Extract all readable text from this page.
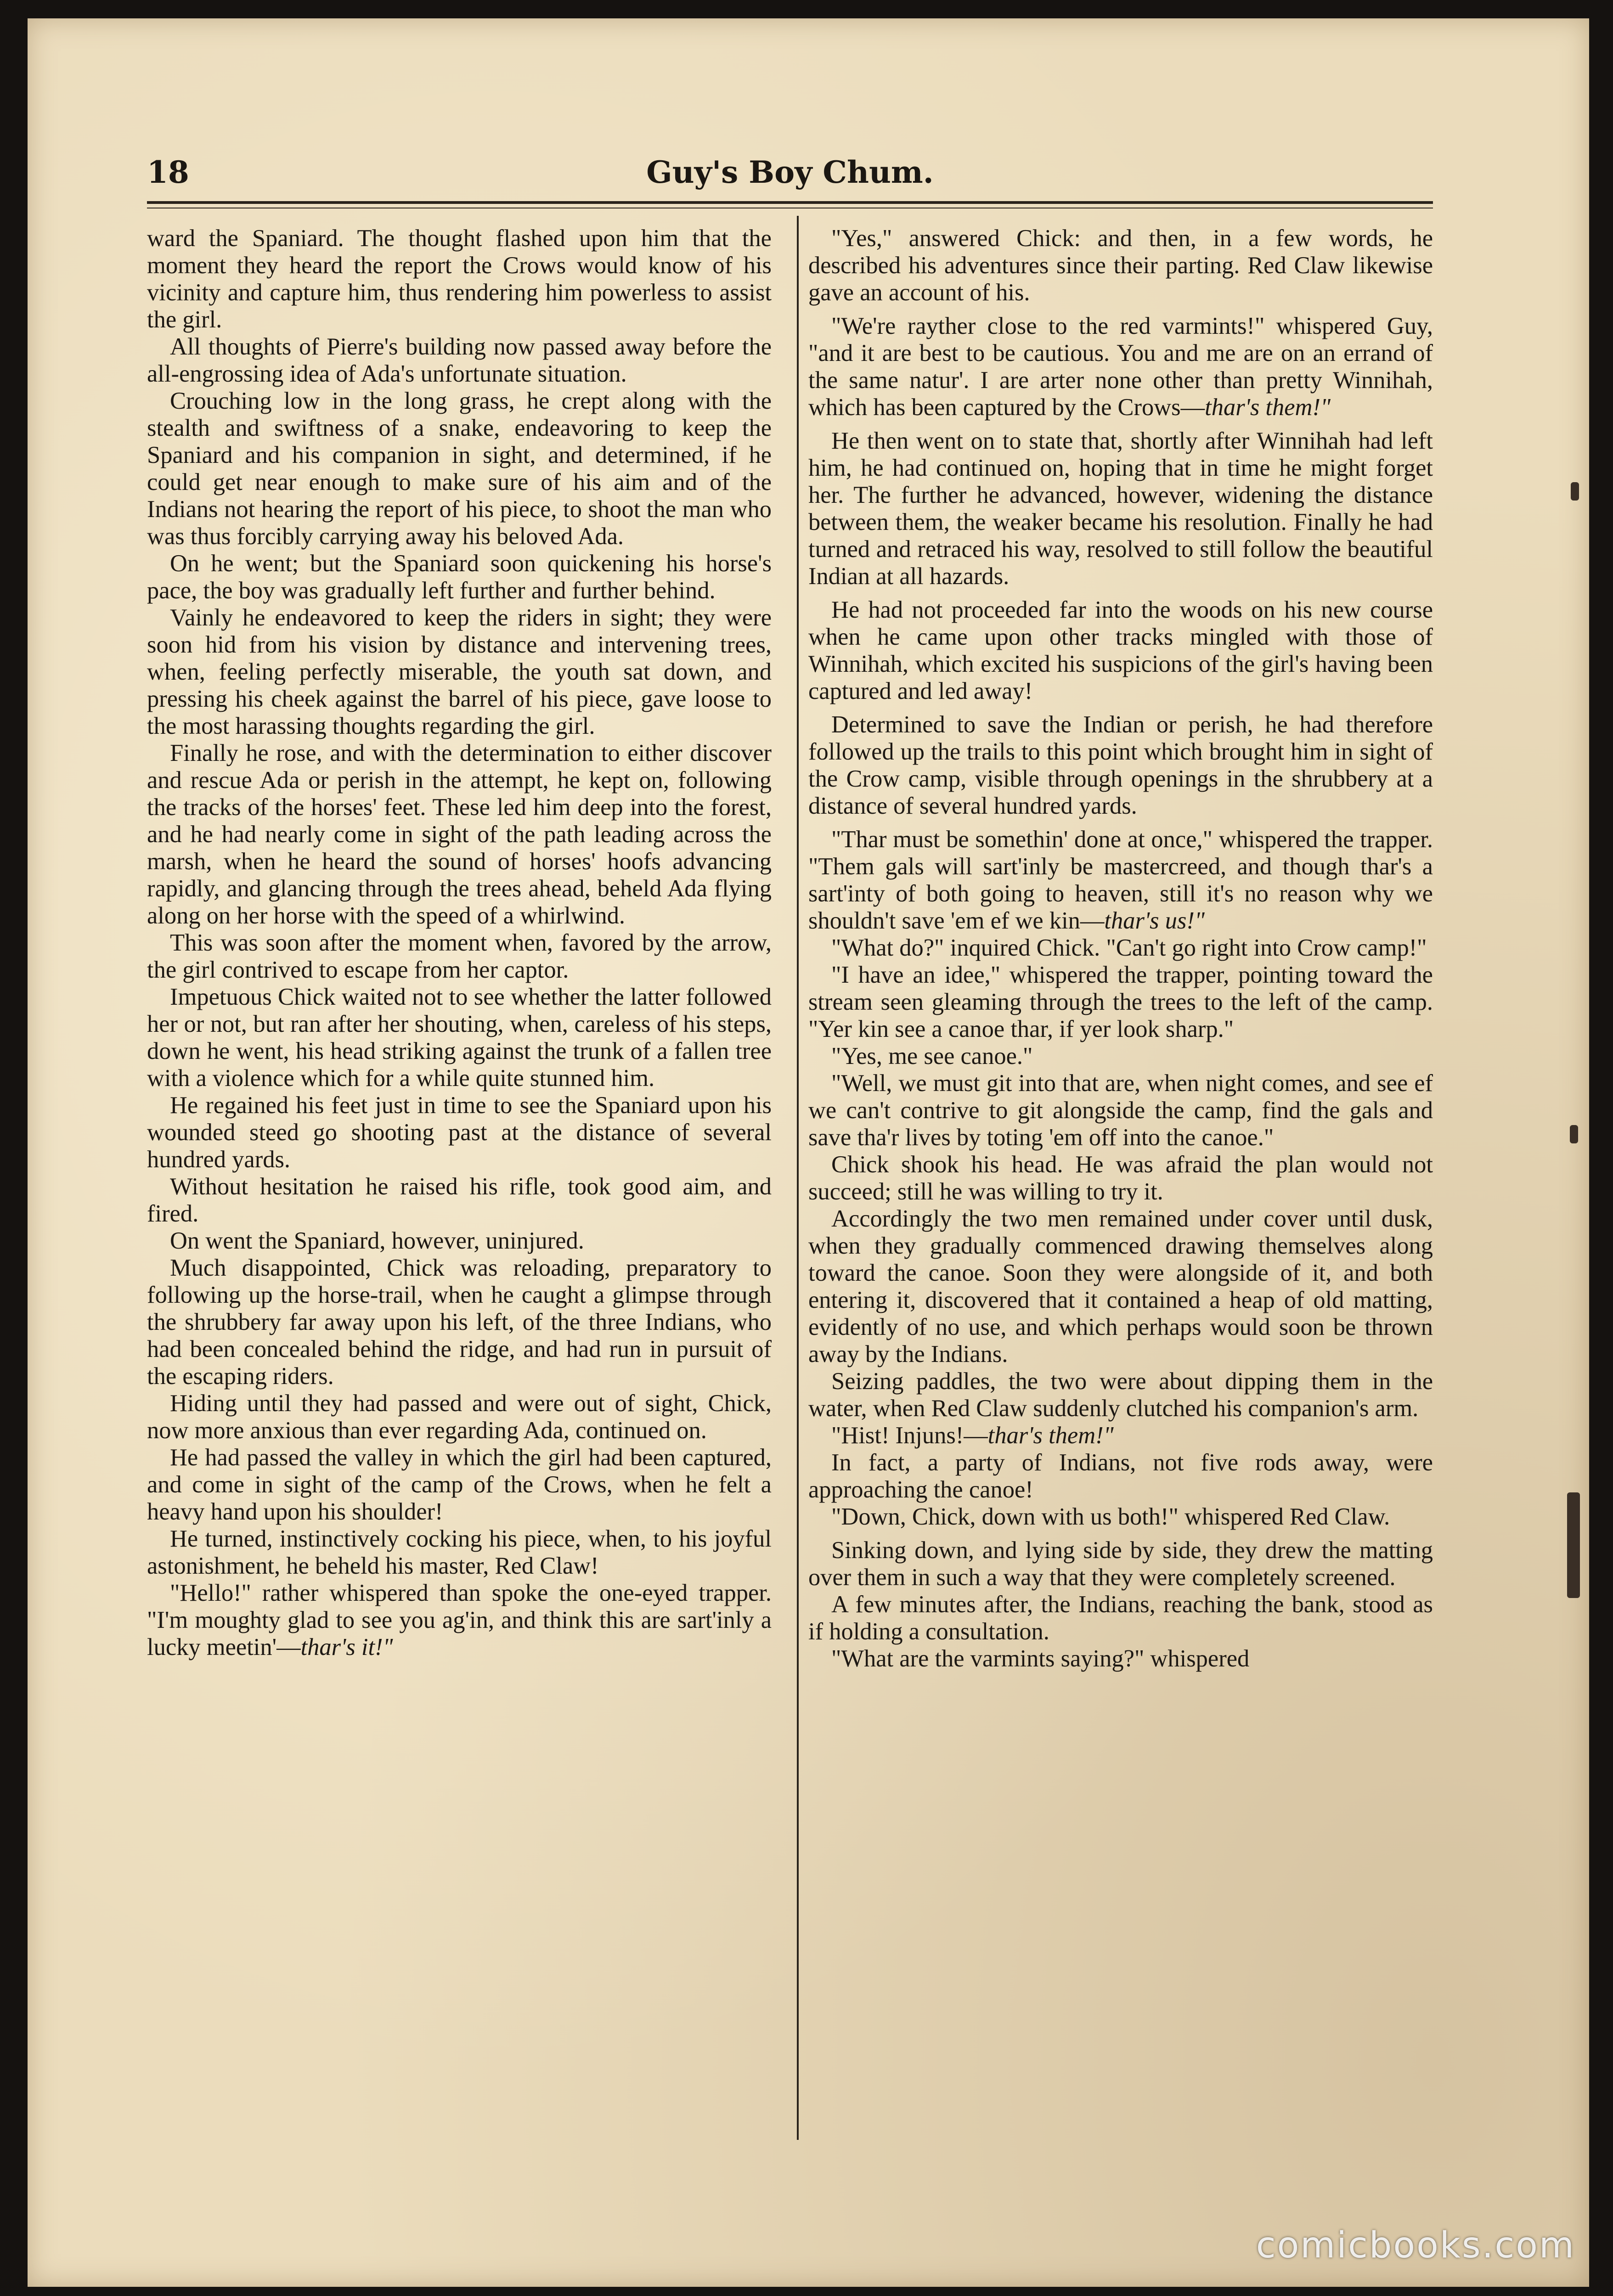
18	Guy's Boy Chum.

ward the Spaniard. The thought flashed upon him that the moment they heard the report the Crows would know of his vicinity and capture him, thus rendering him powerless to assist the girl.

All thoughts of Pierre's building now passed away before the all-engrossing idea of Ada's unfortunate situation.

Crouching low in the long grass, he crept along with the stealth and swiftness of a snake, endeavoring to keep the Spaniard and his companion in sight, and determined, if he could get near enough to make sure of his aim and of the Indians not hearing the report of his piece, to shoot the man who was thus forcibly carrying away his beloved Ada.

On he went; but the Spaniard soon quickening his horse's pace, the boy was gradually left further and further behind.

Vainly he endeavored to keep the riders in sight; they were soon hid from his vision by distance and intervening trees, when, feeling perfectly miserable, the youth sat down, and pressing his cheek against the barrel of his piece, gave loose to the most harassing thoughts regarding the girl.

Finally he rose, and with the determination to either discover and rescue Ada or perish in the attempt, he kept on, following the tracks of the horses' feet. These led him deep into the forest, and he had nearly come in sight of the path leading across the marsh, when he heard the sound of horses' hoofs advancing rapidly, and glancing through the trees ahead, beheld Ada flying along on her horse with the speed of a whirlwind.

This was soon after the moment when, favored by the arrow, the girl contrived to escape from her captor.

Impetuous Chick waited not to see whether the latter followed her or not, but ran after her shouting, when, careless of his steps, down he went, his head striking against the trunk of a fallen tree with a violence which for a while quite stunned him.

He regained his feet just in time to see the Spaniard upon his wounded steed go shooting past at the distance of several hundred yards.

Without hesitation he raised his rifle, took good aim, and fired.

On went the Spaniard, however, uninjured.

Much disappointed, Chick was reloading, preparatory to following up the horse-trail, when he caught a glimpse through the shrubbery far away upon his left, of the three Indians, who had been concealed behind the ridge, and had run in pursuit of the escaping riders.

Hiding until they had passed and were out of sight, Chick, now more anxious than ever regarding Ada, continued on.

He had passed the valley in which the girl had been captured, and come in sight of the camp of the Crows, when he felt a heavy hand upon his shoulder!

He turned, instinctively cocking his piece, when, to his joyful astonishment, he beheld his master, Red Claw!

"Hello!" rather whispered than spoke the one-eyed trapper. "I'm moughty glad to see you ag'in, and think this are sart'inly a lucky meetin'—thar's it!"

"Yes," answered Chick: and then, in a few words, he described his adventures since their parting. Red Claw likewise gave an account of his.

"We're rayther close to the red varmints!" whispered Guy, "and it are best to be cautious. You and me are on an errand of the same natur'. I are arter none other than pretty Winnihah, which has been captured by the Crows—thar's them!"

He then went on to state that, shortly after Winnihah had left him, he had continued on, hoping that in time he might forget her. The further he advanced, however, widening the distance between them, the weaker became his resolution. Finally he had turned and retraced his way, resolved to still follow the beautiful Indian at all hazards.

He had not proceeded far into the woods on his new course when he came upon other tracks mingled with those of Winnihah, which excited his suspicions of the girl's having been captured and led away!

Determined to save the Indian or perish, he had therefore followed up the trails to this point which brought him in sight of the Crow camp, visible through openings in the shrubbery at a distance of several hundred yards.

"Thar must be somethin' done at once," whispered the trapper. "Them gals will sart'inly be mastercreed, and though thar's a sart'inty of both going to heaven, still it's no reason why we shouldn't save 'em ef we kin—thar's us!"

"What do?" inquired Chick. "Can't go right into Crow camp!"

"I have an idee," whispered the trapper, pointing toward the stream seen gleaming through the trees to the left of the camp. "Yer kin see a canoe thar, if yer look sharp."

"Yes, me see canoe."

"Well, we must git into that are, when night comes, and see ef we can't contrive to git alongside the camp, find the gals and save tha'r lives by toting 'em off into the canoe."

Chick shook his head. He was afraid the plan would not succeed; still he was willing to try it.

Accordingly the two men remained under cover until dusk, when they gradually commenced drawing themselves along toward the canoe. Soon they were alongside of it, and both entering it, discovered that it contained a heap of old matting, evidently of no use, and which perhaps would soon be thrown away by the Indians.

Seizing paddles, the two were about dipping them in the water, when Red Claw suddenly clutched his companion's arm.

"Hist! Injuns!—thar's them!"

In fact, a party of Indians, not five rods away, were approaching the canoe!

"Down, Chick, down with us both!" whispered Red Claw.

Sinking down, and lying side by side, they drew the matting over them in such a way that they were completely screened.

A few minutes after, the Indians, reaching the bank, stood as if holding a consultation.

"What are the varmints saying?" whispered

comicbooks.com
